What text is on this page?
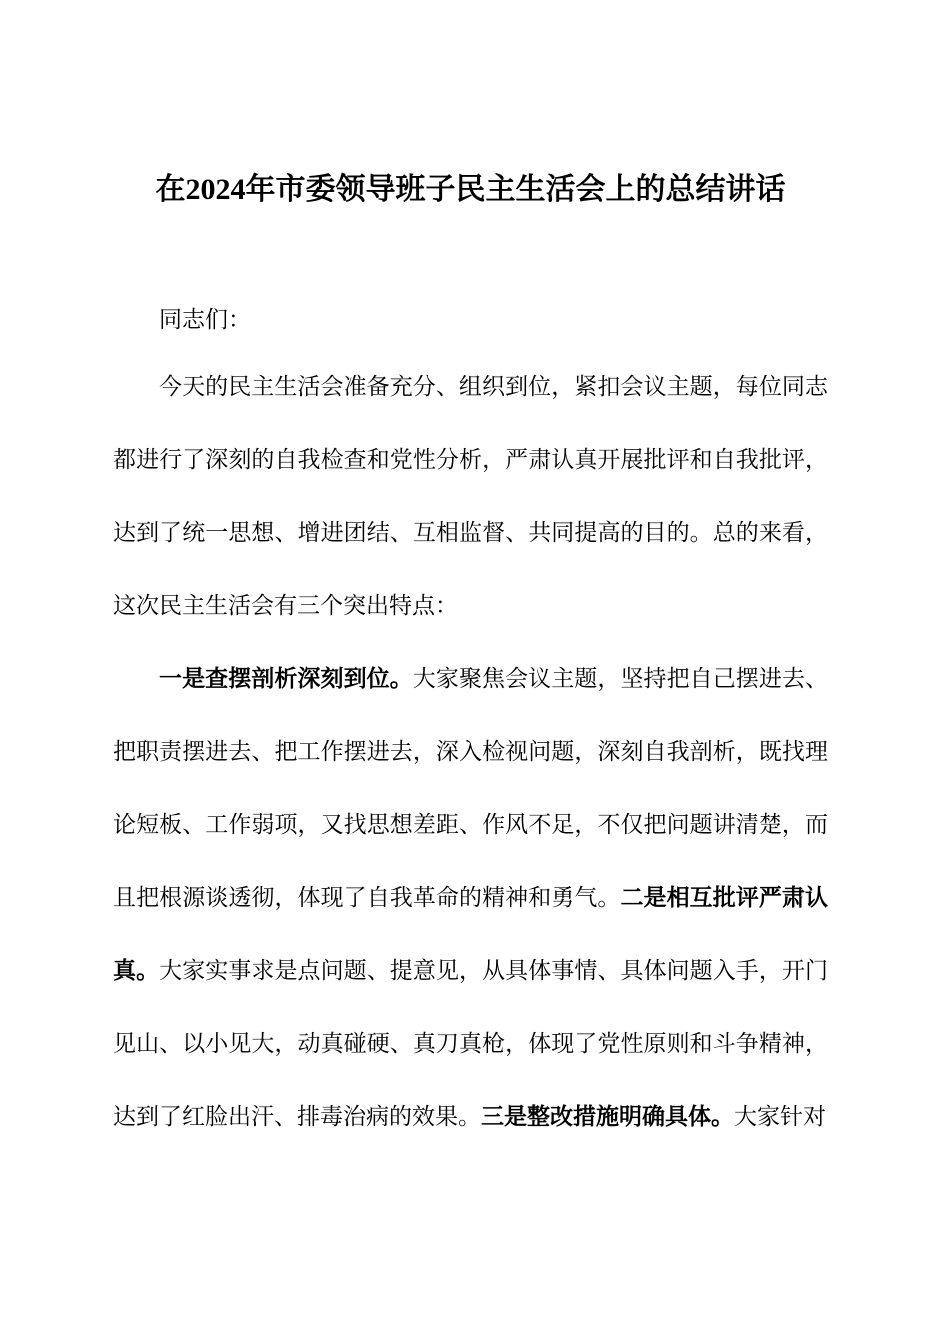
在2024年市委领导班子民主生活会上的总结讲话

同志们：

今天的民主生活会准备充分、组织到位，紧扣会议主题，每位同志都进行了深刻的自我检查和党性分析，严肃认真开展批评和自我批评，达到了统一思想、增进团结、互相监督、共同提高的目的。总的来看，这次民主生活会有三个突出特点：

一是查摆剖析深刻到位。大家聚焦会议主题，坚持把自己摆进去、把职责摆进去、把工作摆进去，深入检视问题，深刻自我剖析，既找理论短板、工作弱项，又找思想差距、作风不足，不仅把问题讲清楚，而且把根源谈透彻，体现了自我革命的精神和勇气。二是相互批评严肃认真。大家实事求是点问题、提意见，从具体事情、具体问题入手，开门见山、以小见大，动真碰硬、真刀真枪，体现了党性原则和斗争精神，达到了红脸出汗、排毒治病的效果。三是整改措施明确具体。大家针对
